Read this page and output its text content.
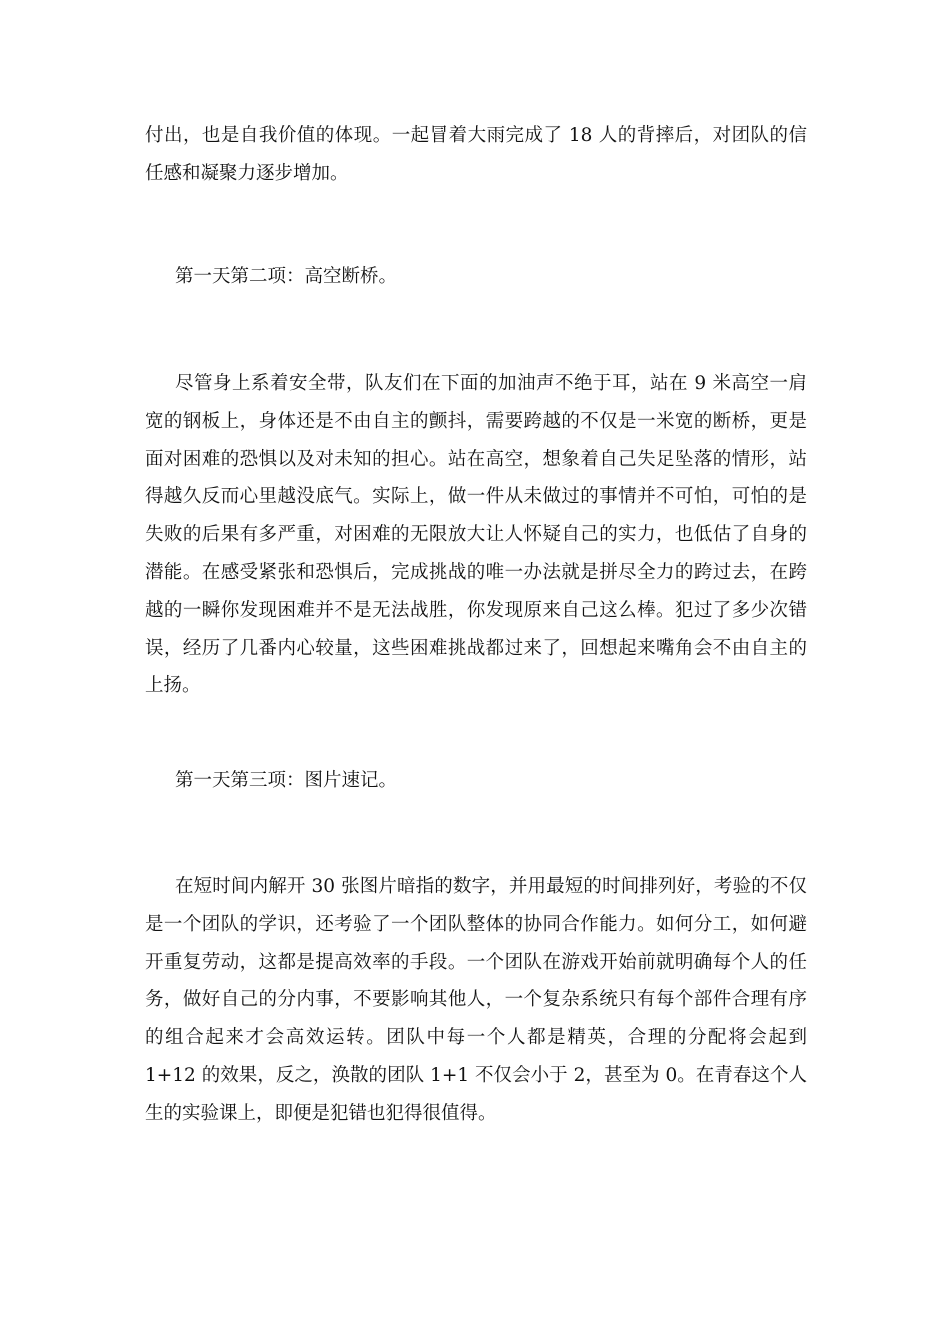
付出，也是自我价值的体现。一起冒着大雨完成了 18 人的背摔后，对团队的信任感和凝聚力逐步增加。

第一天第二项：高空断桥。

尽管身上系着安全带，队友们在下面的加油声不绝于耳，站在 9 米高空一肩宽的钢板上，身体还是不由自主的颤抖，需要跨越的不仅是一米宽的断桥，更是面对困难的恐惧以及对未知的担心。站在高空，想象着自己失足坠落的情形，站得越久反而心里越没底气。实际上，做一件从未做过的事情并不可怕，可怕的是失败的后果有多严重，对困难的无限放大让人怀疑自己的实力，也低估了自身的潜能。在感受紧张和恐惧后，完成挑战的唯一办法就是拼尽全力的跨过去，在跨越的一瞬你发现困难并不是无法战胜，你发现原来自己这么棒。犯过了多少次错误，经历了几番内心较量，这些困难挑战都过来了，回想起来嘴角会不由自主的上扬。

第一天第三项：图片速记。

在短时间内解开 30 张图片暗指的数字，并用最短的时间排列好，考验的不仅是一个团队的学识，还考验了一个团队整体的协同合作能力。如何分工，如何避开重复劳动，这都是提高效率的手段。一个团队在游戏开始前就明确每个人的任务，做好自己的分内事，不要影响其他人，一个复杂系统只有每个部件合理有序的组合起来才会高效运转。团队中每一个人都是精英，合理的分配将会起到 1+12 的效果，反之，涣散的团队 1+1 不仅会小于 2，甚至为 0。在青春这个人生的实验课上，即便是犯错也犯得很值得。
